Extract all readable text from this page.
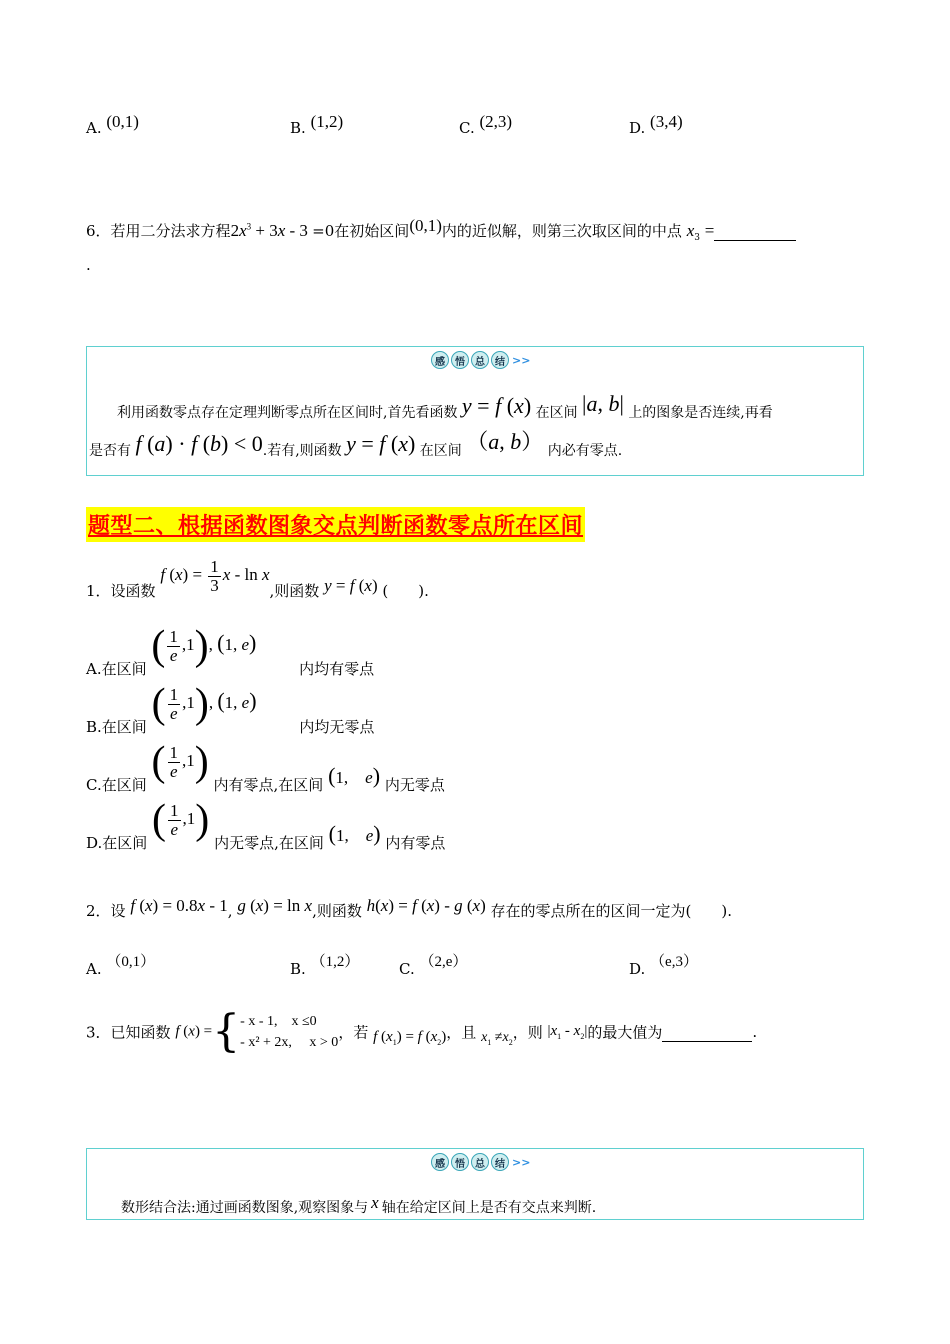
A. (0,1)	B. (1,2)	C. (2,3)	D. (3,4)
6．若用二分法求方程$2x^3 + 3x - 3 =0$在初始区间(0,1)内的近似解，则第三次取区间的中点 $x_3$ =
.
感	悟	总	结 >>
利用函数零点存在定理判断零点所在区间时,首先看函数 y = f (x) 在区间 |a, b| 上的图象是否连续,再看
是否有 f (a) · f (b) < 0.若有,则函数 y = f (x) 在区间 （a, b） 内必有零点.
题型二、根据函数图象交点判断函数零点所在区间
1．设函数 f $(x) = \frac{1}{3}$ x - ln x,则函数 y = f (x) (　　).
A.在区间 ( $\frac{1}{e} ,1$), (1, e) 内均有零点
B.在区间 ( $\frac{1}{e} ,1$), (1, e) 内均无零点
C.在区间 ( $\frac{1}{e} ,1$) 内有零点,在区间 (1,　e) 内无零点
D.在区间 ( $\frac{1}{e} ,1$) 内无零点,在区间 (1,　e) 内有零点
2．设 f (x) = 0.8x - 1, g (x) = ln x,则函数 h(x) = f (x) - g (x) 存在的零点所在的区间一定为(　　).
A. （0,1）	B. （1,2）	C. （2,e）	D. （e,3）
3．已知函数 f (x) ={ - x - 1,　x ≤0
- x² + 2x,　 x > 0
，若 f $(x_1) = f$ $(x_2)$，且 $x_1 \ne x_2$，则 $|x_1 - x_2|$的最大值为	.
感	悟	总	结 >>
数形结合法:通过画函数图象,观察图象与 x 轴在给定区间上是否有交点来判断.
